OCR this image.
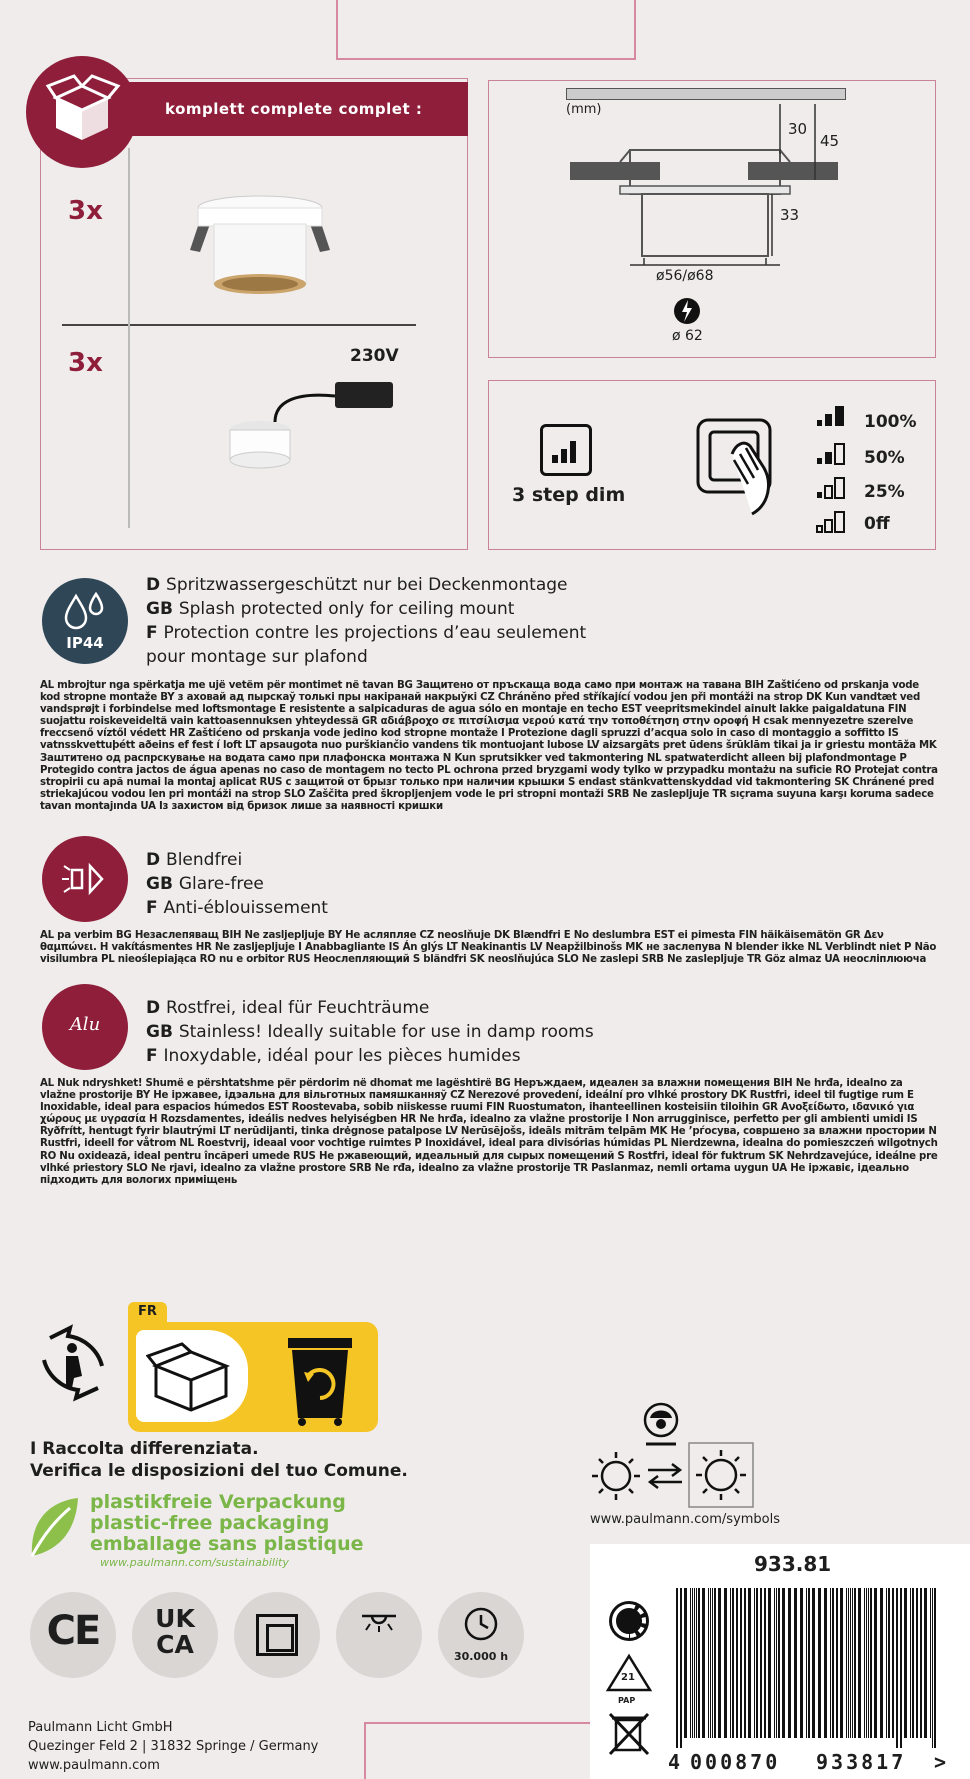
komplett complete complet :
3x
3x	230V
(mm)
30
45
33
ø56/ø68
ø 62
3 step dim
100%
50%
25%
0ff
IP44
D Spritzwassergeschützt nur bei Deckenmontage
GB Splash protected only for ceiling mount
F Protection contre les projections d’eau seulement
pour montage sur plafond
AL mbrojtur nga spërkatja me ujë vetëm për montimet në tavan BG Защитено от пръскаща вода само при монтаж на тавана BIH Zaštićeno od prskanja vode kod stropne montaže BY з аховай ад пырскаў толькі пры накіранай накрыўкі CZ Chráněno před stříkající vodou jen při montáži na strop DK Kun vandtæt ved vandsprøjt i forbindelse med loftsmontage E resistente a salpicaduras de agua sólo en montaje en techo EST veepritsmekindel ainult lakke paigaldatuna FIN suojattu roiskeveideltä vain kattoasennuksen yhteydessä GR αδιάβροχο σε πιτσίλισμα νερού κατά την τοποθέτηση στην οροφή H csak mennyezetre szerelve freccsenő víztől védett HR Zaštićeno od prskanja vode jedino kod stropne montaže I Protezione dagli spruzzi d’acqua solo in caso di montaggio a soffitto IS vatnsskvettuþétt aðeins ef fest í loft LT apsaugota nuo purškiančio vandens tik montuojant lubose LV aizsargāts pret ūdens šrūklām tikai ja ir griestu montāža MK Заштитено од распрскување на водата само при плафонска монтажа N Kun sprutsikker ved takmontering NL spatwaterdicht alleen bij plafondmontage P Protegido contra jactos de água apenas no caso de montagem no tecto PL ochrona przed bryzgami wody tylko w przypadku montażu na suficie RO Protejat contra stropirii cu apă numai la montaj aplicat RUS с защитой от брызг только при наличии крышки S endast stänkvattenskyddad vid takmontering SK Chránené pred striekajúcou vodou len pri montáži na strop SLO Zaščita pred škropljenjem vode le pri stropni montaži SRB Ne zaslepljuje TR sıçrama suyuna karşı koruma sadece tavan montajında UA Із захистом від бризок лише за наявності кришки
D Blendfrei
GB Glare-free
F Anti-éblouissement
AL pa verbim BG Незаслепяващ BIH Ne zasljepljuje BY Не асляпляе CZ neoslňuje DK Blændfri E No deslumbra EST ei pimesta FIN häikäisemätön GR Δεν θαμπώνει. H vakításmentes HR Ne zasljepljuje I Anabbagliante IS Án glýs LT Neakinantis LV Neapžilbinošs MK не заслепува N blender ikke NL Verblindt niet P Não visilumbra PL nieoślepiająca RO nu e orbitor RUS Неослепляющий S bländfri SK neoslňujúca SLO Ne zaslepi SRB Ne zaslepljuje TR Göz almaz UA неосліплююча
Alu
D Rostfrei, ideal für Feuchträume
GB Stainless! Ideally suitable for use in damp rooms
F Inoxydable, idéal pour les pièces humides
AL Nuk ndryshket! Shumë e përshtatshme për përdorim në dhomat me lagështirë BG Неръждаем, идеален за влажни помещения BIH Ne hrđa, idealno za vlažne prostorije BY Не іржавее, ідэальна для вільготных памяшканняў CZ Nerezové provedení, ideální pro vlhké prostory DK Rustfri, ideel til fugtige rum E Inoxidable, ideal para espacios húmedos EST Roostevaba, sobib niiskesse ruumi FIN Ruostumaton, ihanteellinen kosteisiin tiloihin GR Ανοξείδωτο, ιδανικό για χώρους με υγρασία H Rozsdamentes, ideális nedves helyiségben HR Ne hrđa, idealno za vlažne prostorije I Non arrugginisce, perfetto per gli ambienti umidi IS Ryðfrítt, hentugt fyrir blautrými LT nerūdijanti, tinka drėgnose patalpose LV Nerūsējošs, ideāls mitrām telpām MK Не ’рѓосува, совршено за влажни простории N Rustfri, ideell for våtrom NL Roestvrij, ideaal voor vochtige ruimtes P Inoxidável, ideal para divisórias húmidas PL Nierdzewna, idealna do pomieszczeń wilgotnych RO Nu oxidează, ideal pentru încăperi umede RUS Не ржавеющий, идеальный для сырых помещений S Rostfri, ideal för fuktrum SK Nehrdzavejúce, ideálne pre vlhké priestory SLO Ne rjavi, idealno za vlažne prostore SRB Ne rđa, idealno za vlažne prostorije TR Paslanmaz, nemli ortama uygun UA Не іржавіє, ідеально підходить для вологих приміщень
FR
I Raccolta differenziata.
Verifica le disposizioni del tuo Comune.
plastikfreie Verpackung
plastic-free packaging
emballage sans plastique
www.paulmann.com/sustainability
www.paulmann.com/symbols
933.81
21
PAP
4 000870 933817 >
CE	UK
CA	30.000 h
Paulmann Licht GmbH
Quezinger Feld 2 | 31832 Springe / Germany
www.paulmann.com
